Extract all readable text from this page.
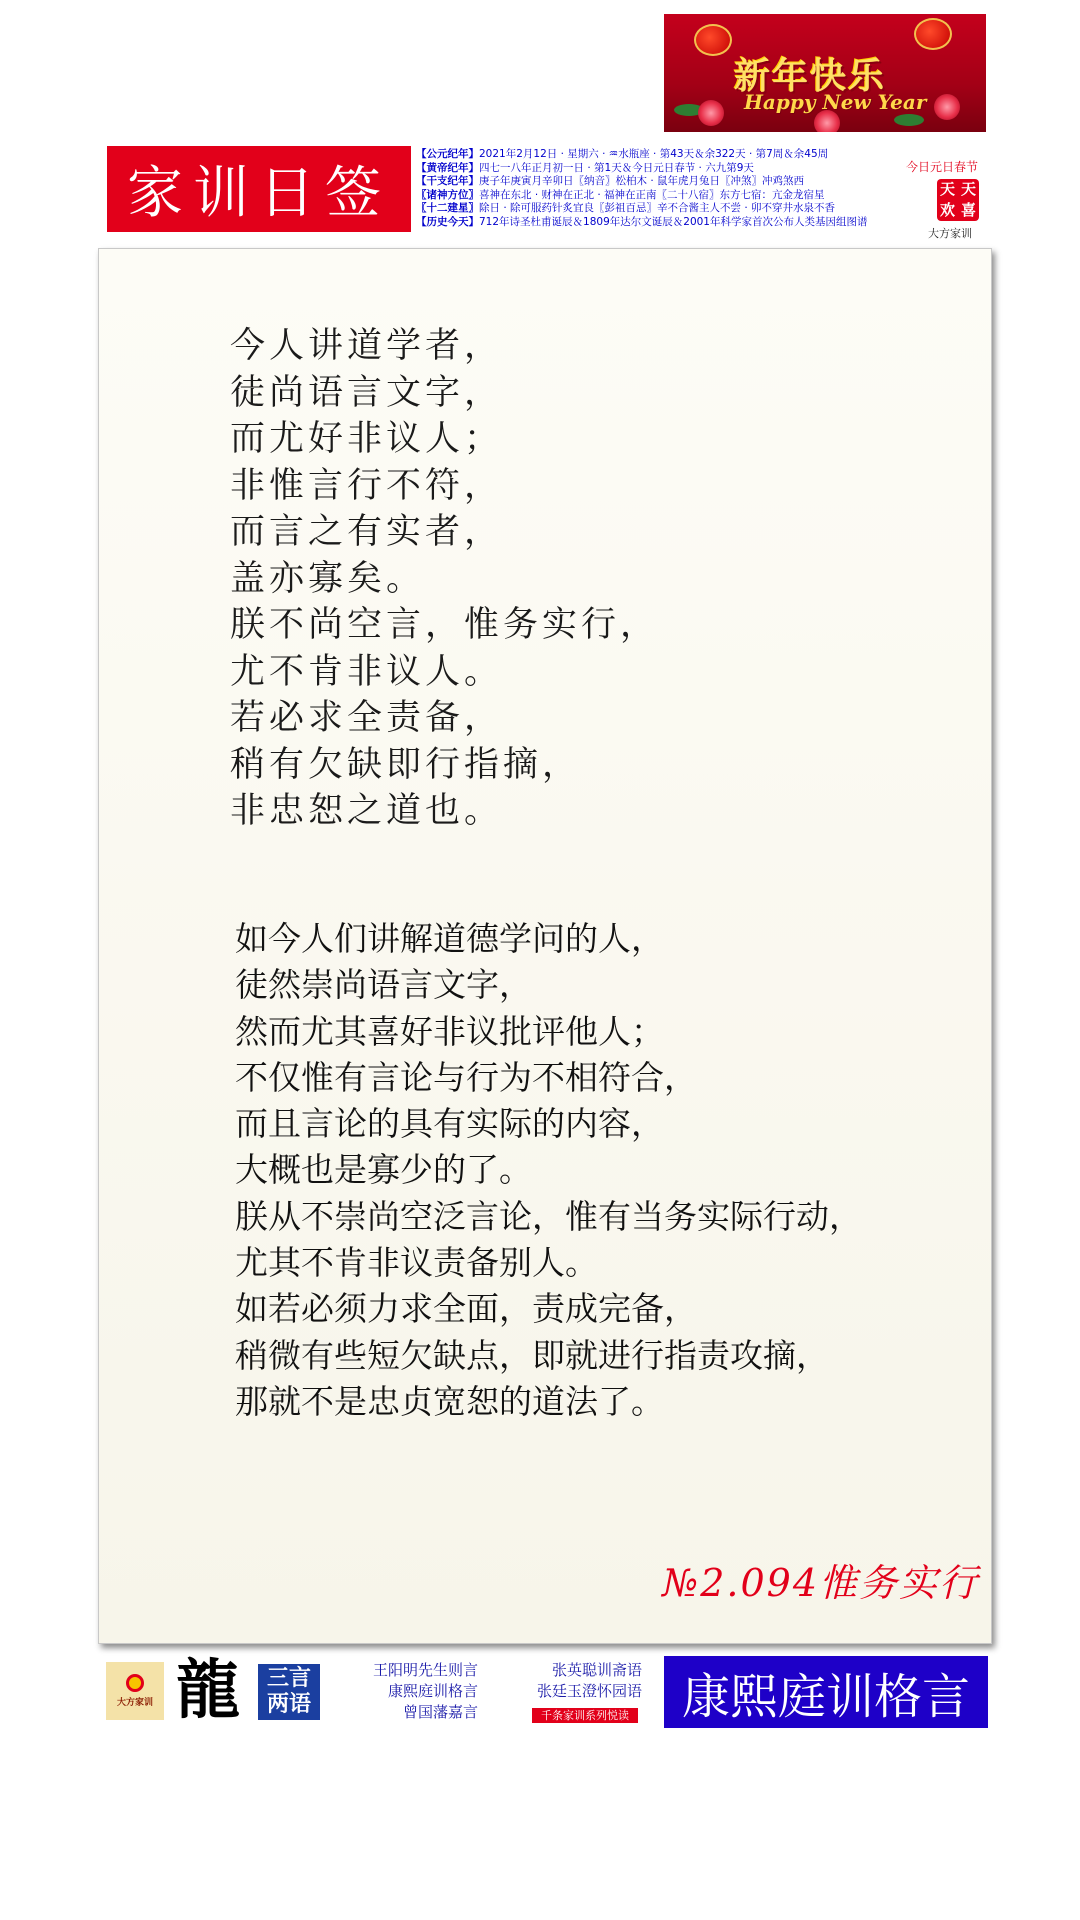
新年快乐
Happy New Year
家训日签
【公元纪年】2021年2月12日 · 星期六 · ♒水瓶座 · 第43天＆余322天 · 第7周＆余45周
【黄帝纪年】四七一八年正月初一日 · 第1天＆今日元日春节 · 六九第9天
【干支纪年】庚子年庚寅月辛卯日〖纳音〗松柏木 · 鼠年虎月兔日〖冲煞〗冲鸡煞西
〖诸神方位〗喜神在东北 · 财神在正北 · 福神在正南〖二十八宿〗东方七宿：亢金龙宿星
〖十二建星〗除日 · 除可服药针炙宜良〖彭祖百忌〗辛不合酱主人不尝 · 卯不穿井水泉不香
【历史今天】712年诗圣杜甫诞辰＆1809年达尔文诞辰＆2001年科学家首次公布人类基因组图谱
今日元日春节
天 天
欢 喜
大方家训
今人讲道学者，
徒尚语言文字，
而尤好非议人；
非惟言行不符，
而言之有实者，
盖亦寡矣。
朕不尚空言，惟务实行，
尤不肯非议人。
若必求全责备，
稍有欠缺即行指摘，
非忠恕之道也。
如今人们讲解道德学问的人，
徒然崇尚语言文字，
然而尤其喜好非议批评他人；
不仅惟有言论与行为不相符合，
而且言论的具有实际的内容，
大概也是寡少的了。
朕从不崇尚空泛言论，惟有当务实际行动，
尤其不肯非议责备别人。
如若必须力求全面，责成完备，
稍微有些短欠缺点，即就进行指责攻摘，
那就不是忠贞宽恕的道法了。
№2.094惟务实行
大方家训 龍	三言
两语
王阳明先生则言
康熙庭训格言
曾国藩嘉言
张英聪训斋语
张廷玉澄怀园语
千条家训系列悦读 康熙庭训格言
